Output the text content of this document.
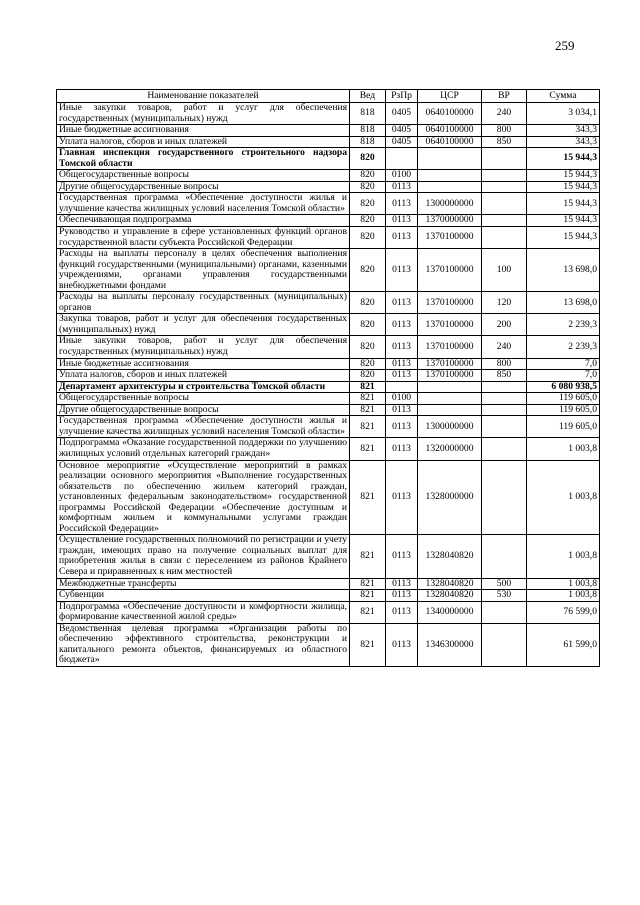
259
Наименование показателей	Вед	РзПр	ЦСР	ВР	Сумма
Иные закупки товаров, работ и услуг для обеспечения государственных (муниципальных) нужд	818	0405	0640100000	240	3 034,1
Иные бюджетные ассигнования	818	0405	0640100000	800	343,3
Уплата налогов, сборов и иных платежей	818	0405	0640100000	850	343,3
Главная инспекция государственного строительного надзора Томской области	820				15 944,3
Общегосударственные вопросы	820	0100			15 944,3
Другие общегосударственные вопросы	820	0113			15 944,3
Государственная программа «Обеспечение доступности жилья и улучшение качества жилищных условий населения Томской области»	820	0113	1300000000		15 944,3
Обеспечивающая подпрограмма	820	0113	1370000000		15 944,3
Руководство и управление в сфере установленных функций органов государственной власти субъекта Российской Федерации	820	0113	1370100000		15 944,3
Расходы на выплаты персоналу в целях обеспечения выполнения функций государственными (муниципальными) органами, казенными учреждениями, органами управления государственными внебюджетными фондами	820	0113	1370100000	100	13 698,0
Расходы на выплаты персоналу государственных (муниципальных) органов	820	0113	1370100000	120	13 698,0
Закупка товаров, работ и услуг для обеспечения государственных (муниципальных) нужд	820	0113	1370100000	200	2 239,3
Иные закупки товаров, работ и услуг для обеспечения государственных (муниципальных) нужд	820	0113	1370100000	240	2 239,3
Иные бюджетные ассигнования	820	0113	1370100000	800	7,0
Уплата налогов, сборов и иных платежей	820	0113	1370100000	850	7,0
Департамент архитектуры и строительства Томской области	821				6 080 938,5
Общегосударственные вопросы	821	0100			119 605,0
Другие общегосударственные вопросы	821	0113			119 605,0
Государственная программа «Обеспечение доступности жилья и улучшение качества жилищных условий населения Томской области»	821	0113	1300000000		119 605,0
Подпрограмма «Оказание государственной поддержки по улучшению жилищных условий отдельных категорий граждан»	821	0113	1320000000		1 003,8
Основное мероприятие «Осуществление мероприятий в рамках реализации основного мероприятия «Выполнение государственных обязательств по обеспечению жильем категорий граждан, установленных федеральным законодательством» государственной программы Российской Федерации «Обеспечение доступным и комфортным жильем и коммунальными услугами граждан Российской Федерации»	821	0113	1328000000		1 003,8
Осуществление государственных полномочий по регистрации и учету граждан, имеющих право на получение социальных выплат для приобретения жилья в связи с переселением из районов Крайнего Севера и приравненных к ним местностей	821	0113	1328040820		1 003,8
Межбюджетные трансферты	821	0113	1328040820	500	1 003,8
Субвенции	821	0113	1328040820	530	1 003,8
Подпрограмма «Обеспечение доступности и комфортности жилища, формирование качественной жилой среды»	821	0113	1340000000		76 599,0
Ведомственная целевая программа «Организация работы по обеспечению эффективного строительства, реконструкции и капитального ремонта объектов, финансируемых из областного бюджета»	821	0113	1346300000		61 599,0
